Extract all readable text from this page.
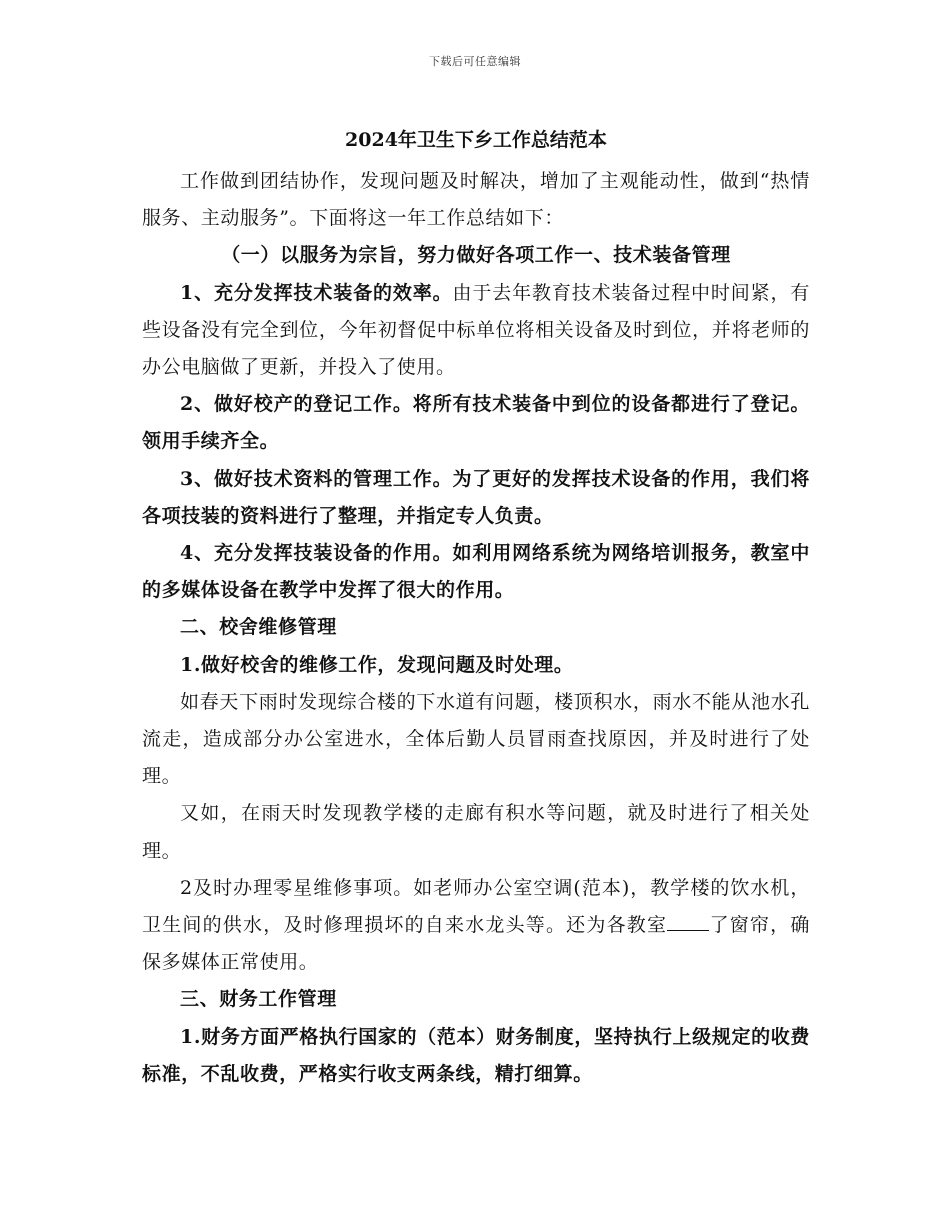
下载后可任意编辑
2024年卫生下乡工作总结范本

工作做到团结协作，发现问题及时解决，增加了主观能动性，做到“热情服务、主动服务”。下面将这一年工作总结如下：

（一）以服务为宗旨，努力做好各项工作一、技术装备管理

1、充分发挥技术装备的效率。由于去年教育技术装备过程中时间紧，有些设备没有完全到位，今年初督促中标单位将相关设备及时到位，并将老师的办公电脑做了更新，并投入了使用。

2、做好校产的登记工作。将所有技术装备中到位的设备都进行了登记。领用手续齐全。

3、做好技术资料的管理工作。为了更好的发挥技术设备的作用，我们将各项技装的资料进行了整理，并指定专人负责。

4、充分发挥技装设备的作用。如利用网络系统为网络培训报务，教室中的多媒体设备在教学中发挥了很大的作用。

二、校舍维修管理

1.做好校舍的维修工作，发现问题及时处理。

如春天下雨时发现综合楼的下水道有问题，楼顶积水，雨水不能从池水孔流走，造成部分办公室进水，全体后勤人员冒雨查找原因，并及时进行了处理。

又如，在雨天时发现教学楼的走廊有积水等问题，就及时进行了相关处理。

2及时办理零星维修事项。如老师办公室空调(范本)，教学楼的饮水机，卫生间的供水，及时修理损坏的自来水龙头等。还为各教室 了窗帘，确保多媒体正常使用。

三、财务工作管理

1.财务方面严格执行国家的（范本）财务制度，坚持执行上级规定的收费标准，不乱收费，严格实行收支两条线，精打细算。
